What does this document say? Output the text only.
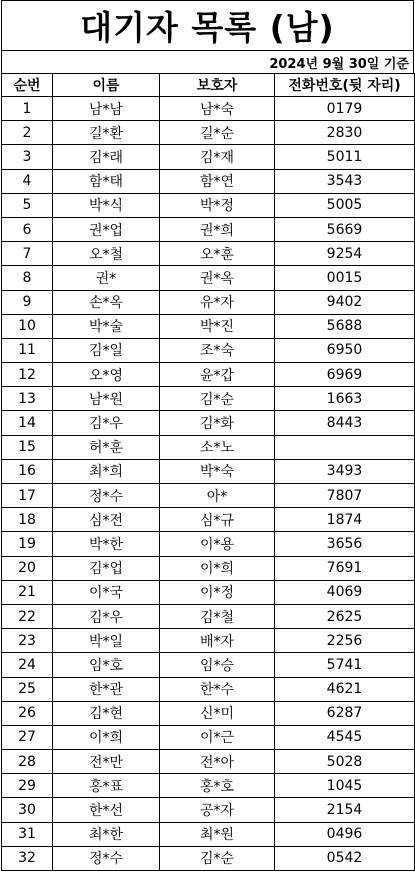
대기자 목록 (남)
2024년 9월 30일 기준
순번	이름	보호자	전화번호(뒷 자리)
1	남*남	남*숙	0179
2	길*환	길*순	2830
3	김*래	김*재	5011
4	함*태	함*연	3543
5	박*식	박*정	5005
6	권*업	권*희	5669
7	오*철	오*훈	9254
8	권*	권*옥	0015
9	손*옥	유*자	9402
10	박*술	박*진	5688
11	김*일	조*숙	6950
12	오*영	윤*갑	6969
13	남*원	김*순	1663
14	김*우	김*화	8443
15	허*훈	소*노	
16	최*희	박*숙	3493
17	정*수	아*	7807
18	심*전	심*규	1874
19	박*한	이*용	3656
20	김*업	이*희	7691
21	이*국	이*정	4069
22	김*우	김*철	2625
23	박*일	배*자	2256
24	임*호	임*승	5741
25	한*관	한*수	4621
26	김*현	신*미	6287
27	이*희	이*근	4545
28	전*만	전*아	5028
29	홍*표	홍*호	1045
30	한*선	공*자	2154
31	최*한	최*원	0496
32	정*수	김*순	0542
